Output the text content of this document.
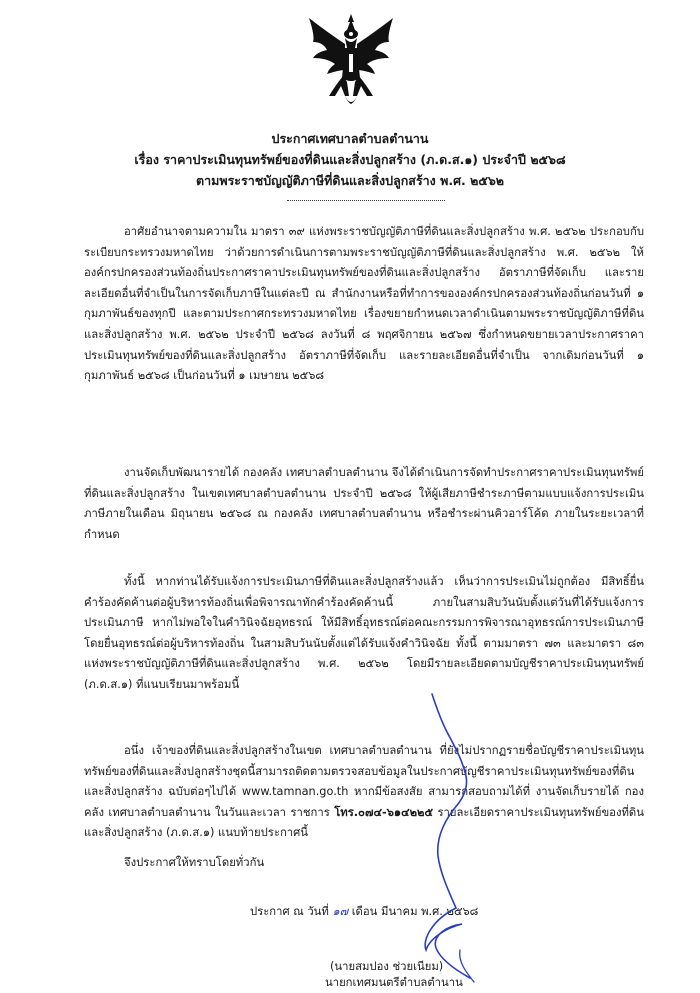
ประกาศเทศบาลตำบลตำนาน
เรื่อง ราคาประเมินทุนทรัพย์ของที่ดินและสิ่งปลูกสร้าง (ภ.ด.ส.๑) ประจำปี ๒๕๖๘
ตามพระราชบัญญัติภาษีที่ดินและสิ่งปลูกสร้าง พ.ศ. ๒๕๖๒

อาศัยอำนาจตามความใน มาตรา ๓๙ แห่งพระราชบัญญัติภาษีที่ดินและสิ่งปลูกสร้าง พ.ศ. ๒๕๖๒ ประกอบกับระเบียบกระทรวงมหาดไทย ว่าด้วยการดำเนินการตามพระราชบัญญัติภาษีที่ดินและสิ่งปลูกสร้าง พ.ศ. ๒๕๖๒ ให้องค์กรปกครองส่วนท้องถิ่นประกาศราคาประเมินทุนทรัพย์ของที่ดินและสิ่งปลูกสร้าง อัตราภาษีที่จัดเก็บ และรายละเอียดอื่นที่จำเป็นในการจัดเก็บภาษีในแต่ละปี ณ สำนักงานหรือที่ทำการขององค์กรปกครองส่วนท้องถิ่นก่อนวันที่ ๑ กุมภาพันธ์ของทุกปี และตามประกาศกระทรวงมหาดไทย เรื่องขยายกำหนดเวลาดำเนินตามพระราชบัญญัติภาษีที่ดินและสิ่งปลูกสร้าง พ.ศ. ๒๕๖๒ ประจำปี ๒๕๖๘ ลงวันที่ ๘ พฤศจิกายน ๒๕๖๗ ซึ่งกำหนดขยายเวลาประกาศราคาประเมินทุนทรัพย์ของที่ดินและสิ่งปลูกสร้าง อัตราภาษีที่จัดเก็บ และรายละเอียดอื่นที่จำเป็น จากเดิมก่อนวันที่ ๑ กุมภาพันธ์ ๒๕๖๘ เป็นก่อนวันที่ ๑ เมษายน ๒๕๖๘

งานจัดเก็บพัฒนารายได้ กองคลัง เทศบาลตำบลตำนาน จึงได้ดำเนินการจัดทำประกาศราคาประเมินทุนทรัพย์ที่ดินและสิ่งปลูกสร้าง ในเขตเทศบาลตำบลตำนาน ประจำปี ๒๕๖๘ ให้ผู้เสียภาษีชำระภาษีตามแบบแจ้งการประเมินภาษีภายในเดือน มิถุนายน ๒๕๖๘ ณ กองคลัง เทศบาลตำบลตำนาน หรือชำระผ่านคิวอาร์โค้ด ภายในระยะเวลาที่กำหนด

ทั้งนี้ หากท่านได้รับแจ้งการประเมินภาษีที่ดินและสิ่งปลูกสร้างแล้ว เห็นว่าการประเมินไม่ถูกต้อง มีสิทธิ์ยื่นคำร้องคัดค้านต่อผู้บริหารท้องถิ่นเพื่อพิจารณาทักคำร้องคัดค้านนี้ ภายในสามสิบวันนับตั้งแต่วันที่ได้รับแจ้งการประเมินภาษี หากไม่พอใจในคำวินิจฉัยอุทธรณ์ ให้มีสิทธิ์อุทธรณ์ต่อคณะกรรมการพิจารณาอุทธรณ์การประเมินภาษีโดยยื่นอุทธรณ์ต่อผู้บริหารท้องถิ่น ในสามสิบวันนับตั้งแต่ได้รับแจ้งคำวินิจฉัย ทั้งนี้ ตามมาตรา ๗๓ และมาตรา ๘๓ แห่งพระราชบัญญัติภาษีที่ดินและสิ่งปลูกสร้าง พ.ศ. ๒๕๖๒ โดยมีรายละเอียดตามบัญชีราคาประเมินทุนทรัพย์ (ภ.ด.ส.๑) ที่แนบเรียนมาพร้อมนี้

อนึ่ง เจ้าของที่ดินและสิ่งปลูกสร้างในเขต เทศบาลตำบลตำนาน ที่ยังไม่ปรากฏรายชื่อบัญชีราคาประเมินทุนทรัพย์ของที่ดินและสิ่งปลูกสร้างชุดนี้สามารถติดตามตรวจสอบข้อมูลในประกาศบัญชีราคาประเมินทุนทรัพย์ของที่ดินและสิ่งปลูกสร้าง ฉบับต่อๆไปได้ www.tamnan.go.th หากมีข้อสงสัย สามารถสอบถามได้ที่ งานจัดเก็บรายได้ กองคลัง เทศบาลตำบลตำนาน ในวันและเวลา ราชการ โทร.๐๗๔-๖๑๔๒๒๕ รายละเอียดราคาประเมินทุนทรัพย์ของที่ดินและสิ่งปลูกสร้าง (ภ.ด.ส.๑) แนบท้ายประกาศนี้

จึงประกาศให้ทราบโดยทั่วกัน

ประกาศ ณ วันที่ ๑๗ เดือน มีนาคม พ.ศ. ๒๕๖๘
(นายสมปอง ช่วยเนียม)
นายกเทศมนตรีตำบลตำนาน
